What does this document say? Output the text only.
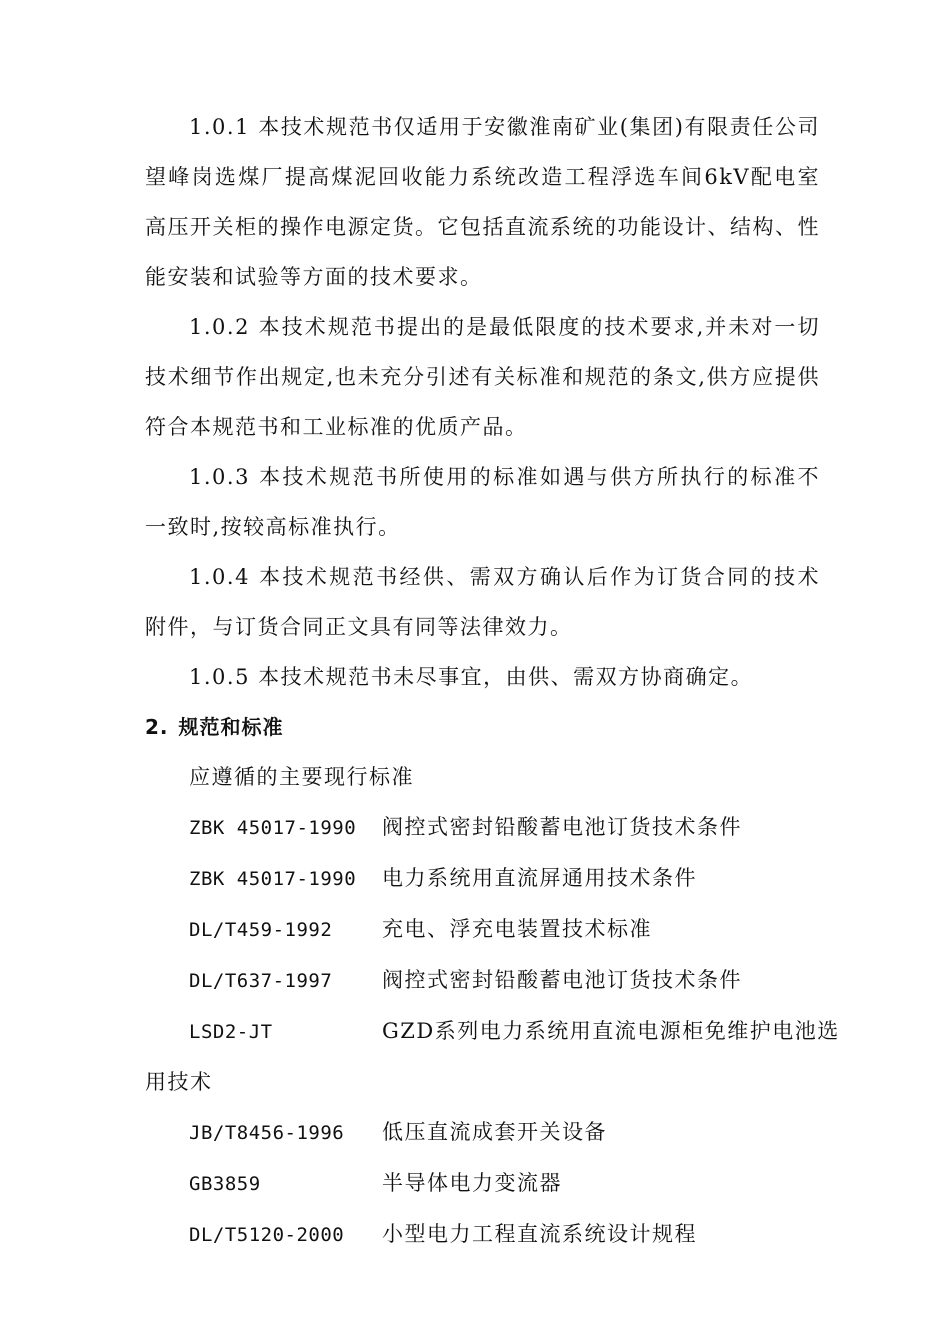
1.0.1 本技术规范书仅适用于安徽淮南矿业(集团)有限责任公司望峰岗选煤厂提高煤泥回收能力系统改造工程浮选车间6kV配电室高压开关柜的操作电源定货。它包括直流系统的功能设计、结构、性能安装和试验等方面的技术要求。

1.0.2 本技术规范书提出的是最低限度的技术要求,并未对一切技术细节作出规定,也未充分引述有关标准和规范的条文,供方应提供符合本规范书和工业标准的优质产品。

1.0.3 本技术规范书所使用的标准如遇与供方所执行的标准不一致时,按较高标准执行。

1.0.4 本技术规范书经供、需双方确认后作为订货合同的技术附件，与订货合同正文具有同等法律效力。

1.0.5 本技术规范书未尽事宜，由供、需双方协商确定。

2. 规范和标准

应遵循的主要现行标准

ZBK 45017-1990 阀控式密封铅酸蓄电池订货技术条件

ZBK 45017-1990 电力系统用直流屏通用技术条件

DL/T459-1992 充电、浮充电装置技术标准

DL/T637-1997 阀控式密封铅酸蓄电池订货技术条件

LSD2-JT	GZD系列电力系统用直流电源柜免维护电池选

用技术

JB/T8456-1996 低压直流成套开关设备

GB3859	半导体电力变流器

DL/T5120-2000 小型电力工程直流系统设计规程
